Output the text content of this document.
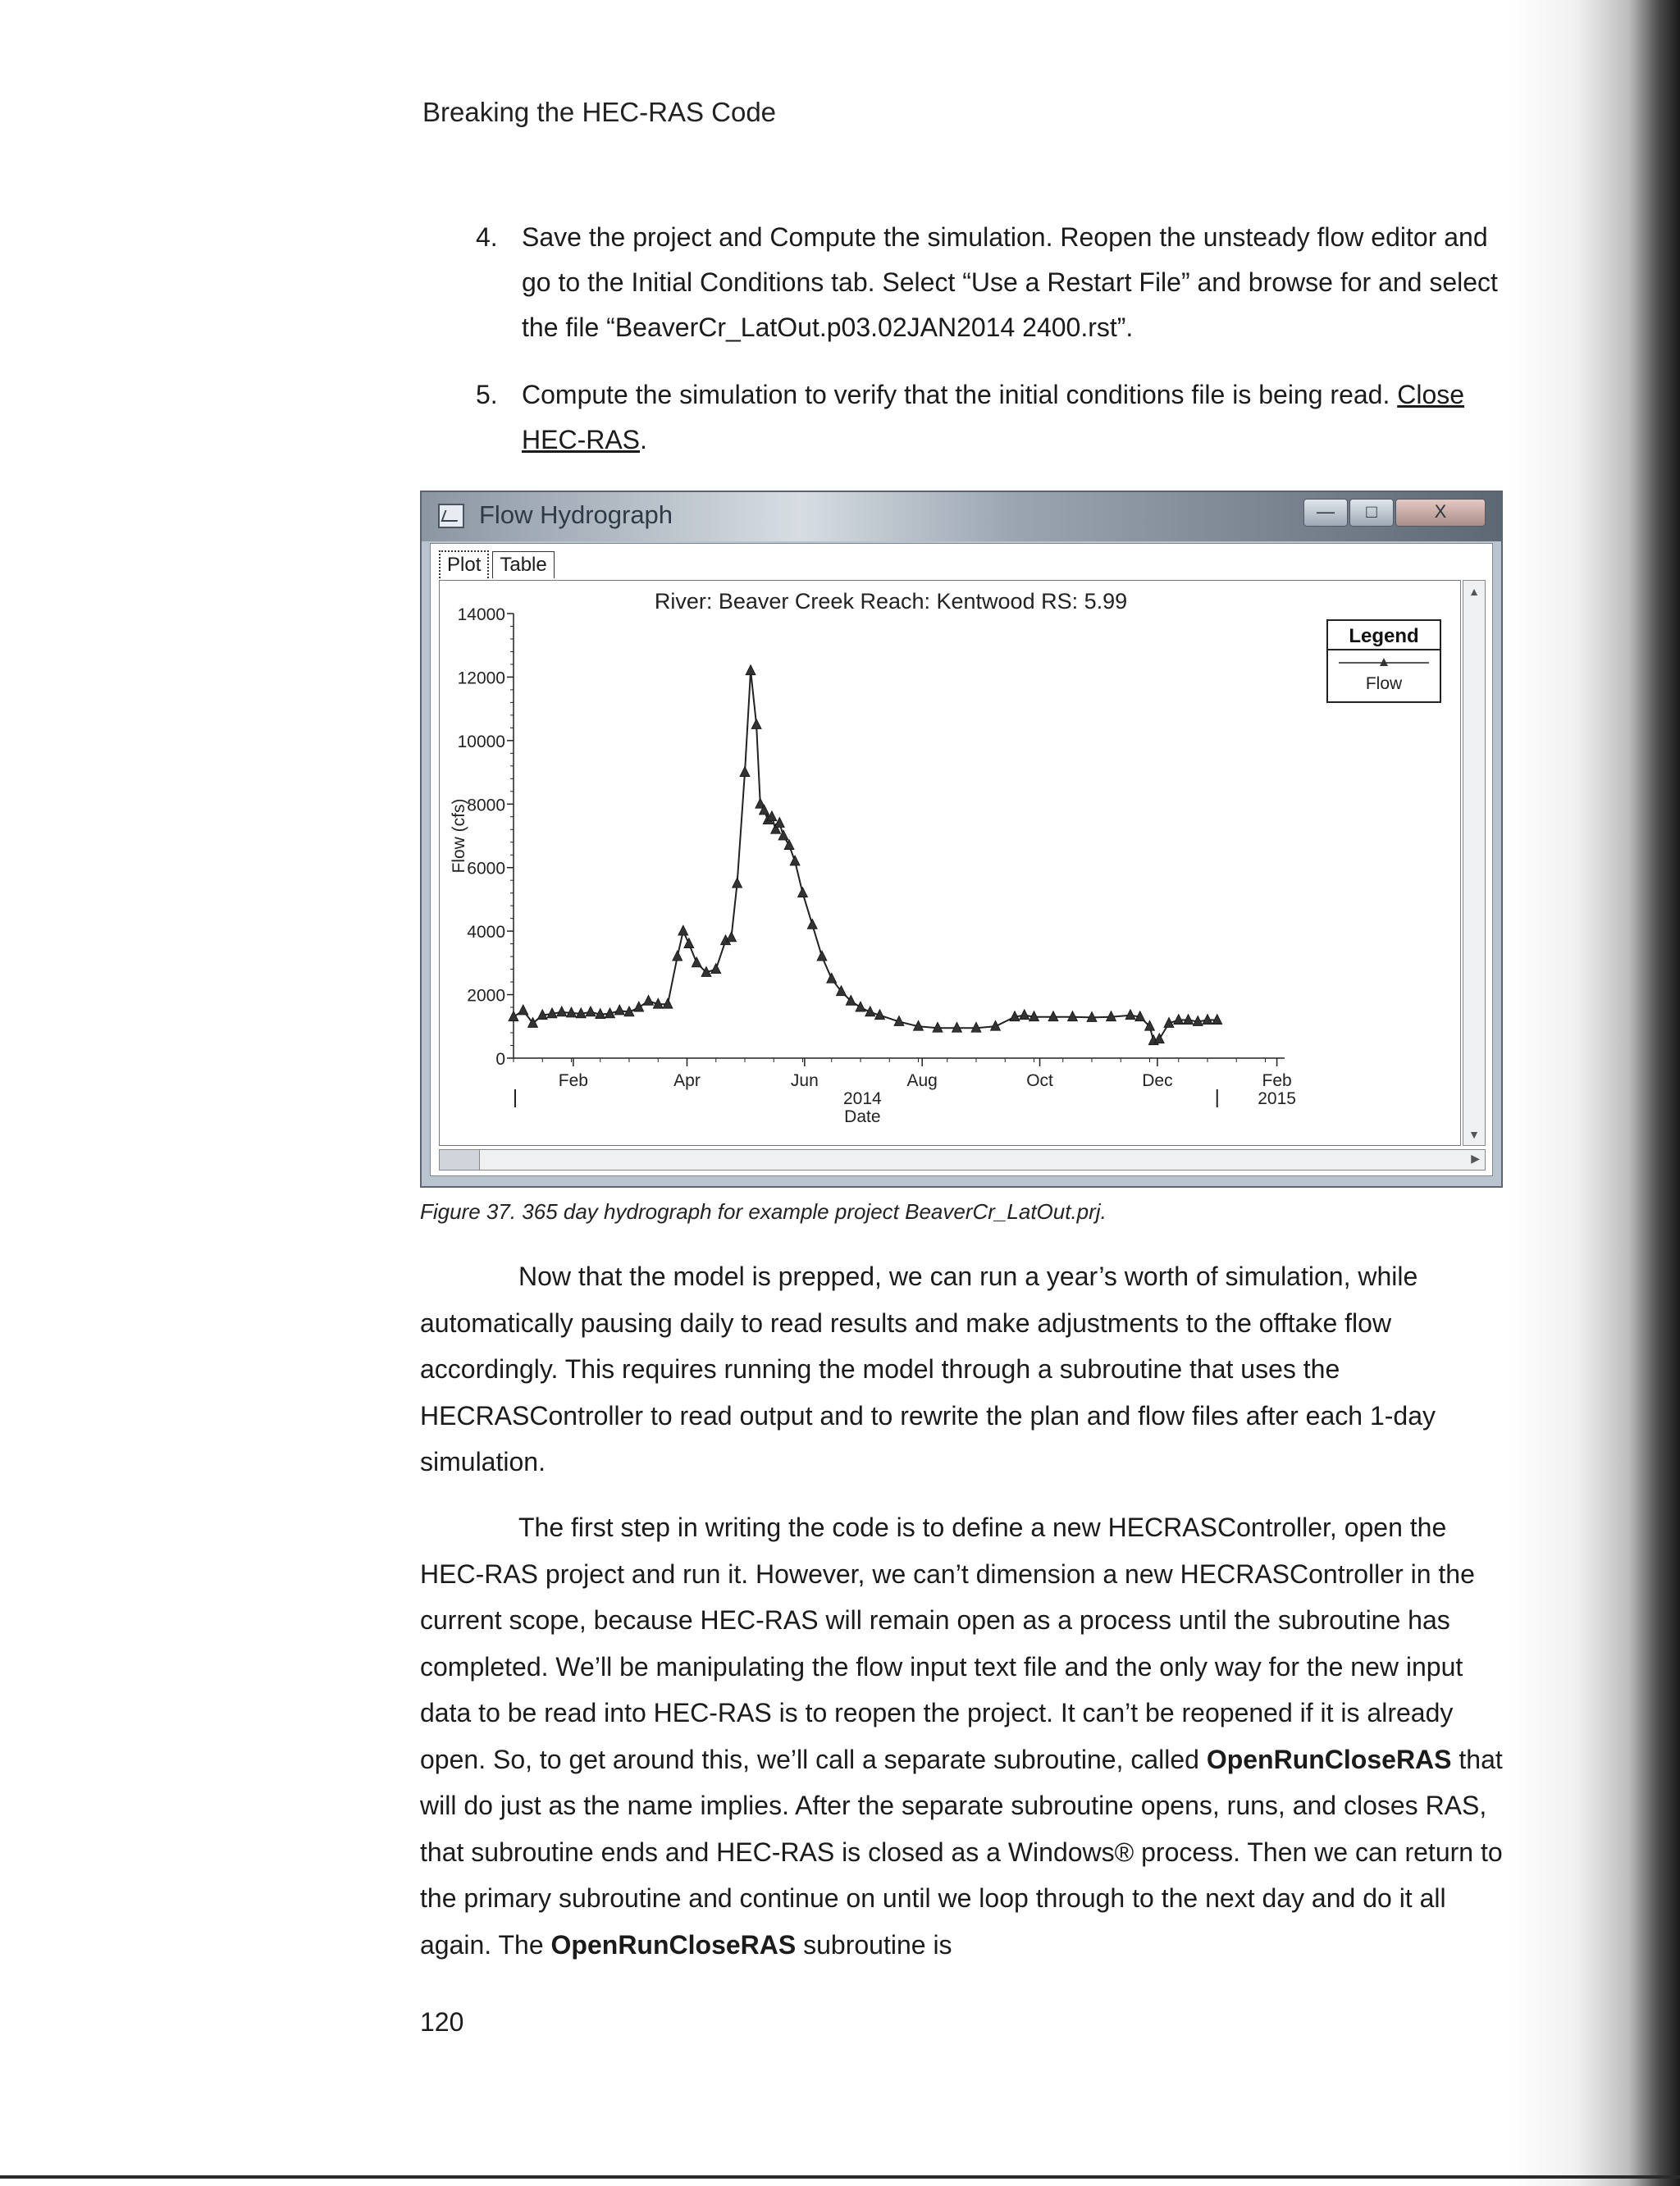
Breaking the HEC-RAS Code
4. Save the project and Compute the simulation. Reopen the unsteady flow editor and go to the Initial Conditions tab. Select “Use a Restart File” and browse for and select the file “BeaverCr_LatOut.p03.02JAN2014 2400.rst”.
5. Compute the simulation to verify that the initial conditions file is being read. Close HEC-RAS.
Flow Hydrograph	—	□	X
Plot Table
River: Beaver Creek Reach: Kentwood RS: 5.99
0
2000
4000
6000
8000
10000
12000
14000
Flow (cfs)
Feb	Apr	Jun	Aug	Oct	Dec	Feb
2014	2015
Date
Legend
Flow
▲
▼
▶
Figure 37. 365 day hydrograph for example project BeaverCr_LatOut.prj.

Now that the model is prepped, we can run a year’s worth of simulation, while automatically pausing daily to read results and make adjustments to the offtake flow accordingly. This requires running the model through a subroutine that uses the HECRASController to read output and to rewrite the plan and flow files after each 1-day simulation.

The first step in writing the code is to define a new HECRASController, open the HEC-RAS project and run it. However, we can’t dimension a new HECRASController in the current scope, because HEC-RAS will remain open as a process until the subroutine has completed. We’ll be manipulating the flow input text file and the only way for the new input data to be read into HEC-RAS is to reopen the project. It can’t be reopened if it is already open. So, to get around this, we’ll call a separate subroutine, called OpenRunCloseRAS that will do just as the name implies. After the separate subroutine opens, runs, and closes RAS, that subroutine ends and HEC-RAS is closed as a Windows® process. Then we can return to the primary subroutine and continue on until we loop through to the next day and do it all again. The OpenRunCloseRAS subroutine is

120
